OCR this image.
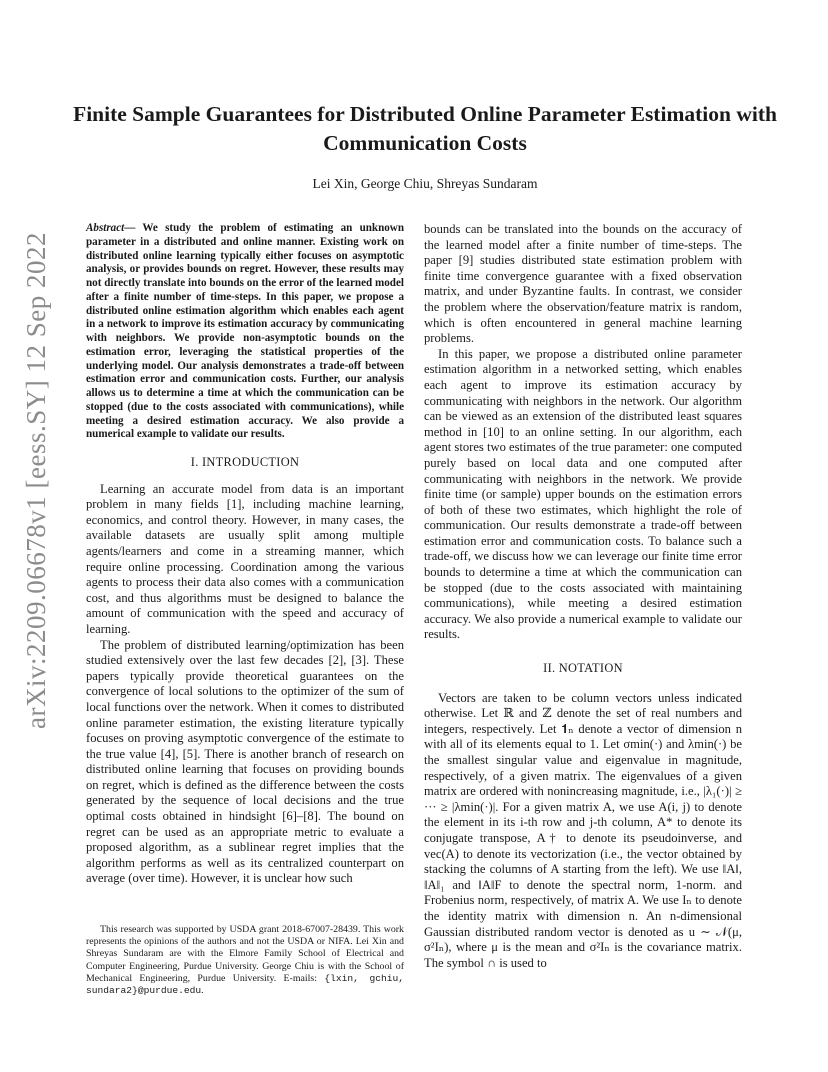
arXiv:2209.06678v1 [eess.SY] 12 Sep 2022
Finite Sample Guarantees for Distributed Online Parameter Estimation with Communication Costs

Lei Xin, George Chiu, Shreyas Sundaram

Abstract— We study the problem of estimating an unknown parameter in a distributed and online manner. Existing work on distributed online learning typically either focuses on asymptotic analysis, or provides bounds on regret. However, these results may not directly translate into bounds on the error of the learned model after a finite number of time-steps. In this paper, we propose a distributed online estimation algorithm which enables each agent in a network to improve its estimation accuracy by communicating with neighbors. We provide non-asymptotic bounds on the estimation error, leveraging the statistical properties of the underlying model. Our analysis demonstrates a trade-off between estimation error and communication costs. Further, our analysis allows us to determine a time at which the communication can be stopped (due to the costs associated with communications), while meeting a desired estimation accuracy. We also provide a numerical example to validate our results.

I. INTRODUCTION

Learning an accurate model from data is an important problem in many fields [1], including machine learning, economics, and control theory. However, in many cases, the available datasets are usually split among multiple agents/learners and come in a streaming manner, which require online processing. Coordination among the various agents to process their data also comes with a communication cost, and thus algorithms must be designed to balance the amount of communication with the speed and accuracy of learning.

The problem of distributed learning/optimization has been studied extensively over the last few decades [2], [3]. These papers typically provide theoretical guarantees on the convergence of local solutions to the optimizer of the sum of local functions over the network. When it comes to distributed online parameter estimation, the existing literature typically focuses on proving asymptotic convergence of the estimate to the true value [4], [5]. There is another branch of research on distributed online learning that focuses on providing bounds on regret, which is defined as the difference between the costs generated by the sequence of local decisions and the true optimal costs obtained in hindsight [6]–[8]. The bound on regret can be used as an appropriate metric to evaluate a proposed algorithm, as a sublinear regret implies that the algorithm performs as well as its centralized counterpart on average (over time). However, it is unclear how such

This research was supported by USDA grant 2018-67007-28439. This work represents the opinions of the authors and not the USDA or NIFA. Lei Xin and Shreyas Sundaram are with the Elmore Family School of Electrical and Computer Engineering, Purdue University. George Chiu is with the School of Mechanical Engineering, Purdue University. E-mails: {lxin, gchiu, sundara2}@purdue.edu.

bounds can be translated into the bounds on the accuracy of the learned model after a finite number of time-steps. The paper [9] studies distributed state estimation problem with finite time convergence guarantee with a fixed observation matrix, and under Byzantine faults. In contrast, we consider the problem where the observation/feature matrix is random, which is often encountered in general machine learning problems.

In this paper, we propose a distributed online parameter estimation algorithm in a networked setting, which enables each agent to improve its estimation accuracy by communicating with neighbors in the network. Our algorithm can be viewed as an extension of the distributed least squares method in [10] to an online setting. In our algorithm, each agent stores two estimates of the true parameter: one computed purely based on local data and one computed after communicating with neighbors in the network. We provide finite time (or sample) upper bounds on the estimation errors of both of these two estimates, which highlight the role of communication. Our results demonstrate a trade-off between estimation error and communication costs. To balance such a trade-off, we discuss how we can leverage our finite time error bounds to determine a time at which the communication can be stopped (due to the costs associated with maintaining communications), while meeting a desired estimation accuracy. We also provide a numerical example to validate our results.

II. NOTATION

Vectors are taken to be column vectors unless indicated otherwise. Let ℝ and ℤ denote the set of real numbers and integers, respectively. Let 𝟏ₙ denote a vector of dimension n with all of its elements equal to 1. Let σmin(·) and λmin(·) be the smallest singular value and eigenvalue in magnitude, respectively, of a given matrix. The eigenvalues of a given matrix are ordered with nonincreasing magnitude, i.e., |λ₁(·)| ≥ ··· ≥ |λmin(·)|. For a given matrix A, we use A(i, j) to denote the element in its i-th row and j-th column, A* to denote its conjugate transpose, A† to denote its pseudoinverse, and vec(A) to denote its vectorization (i.e., the vector obtained by stacking the columns of A starting from the left). We use ‖A‖, ‖A‖₁ and ‖A‖F to denote the spectral norm, 1-norm. and Frobenius norm, respectively, of matrix A. We use Iₙ to denote the identity matrix with dimension n. An n-dimensional Gaussian distributed random vector is denoted as u ∼ 𝒩(μ, σ²Iₙ), where μ is the mean and σ²Iₙ is the covariance matrix. The symbol ∩ is used to
